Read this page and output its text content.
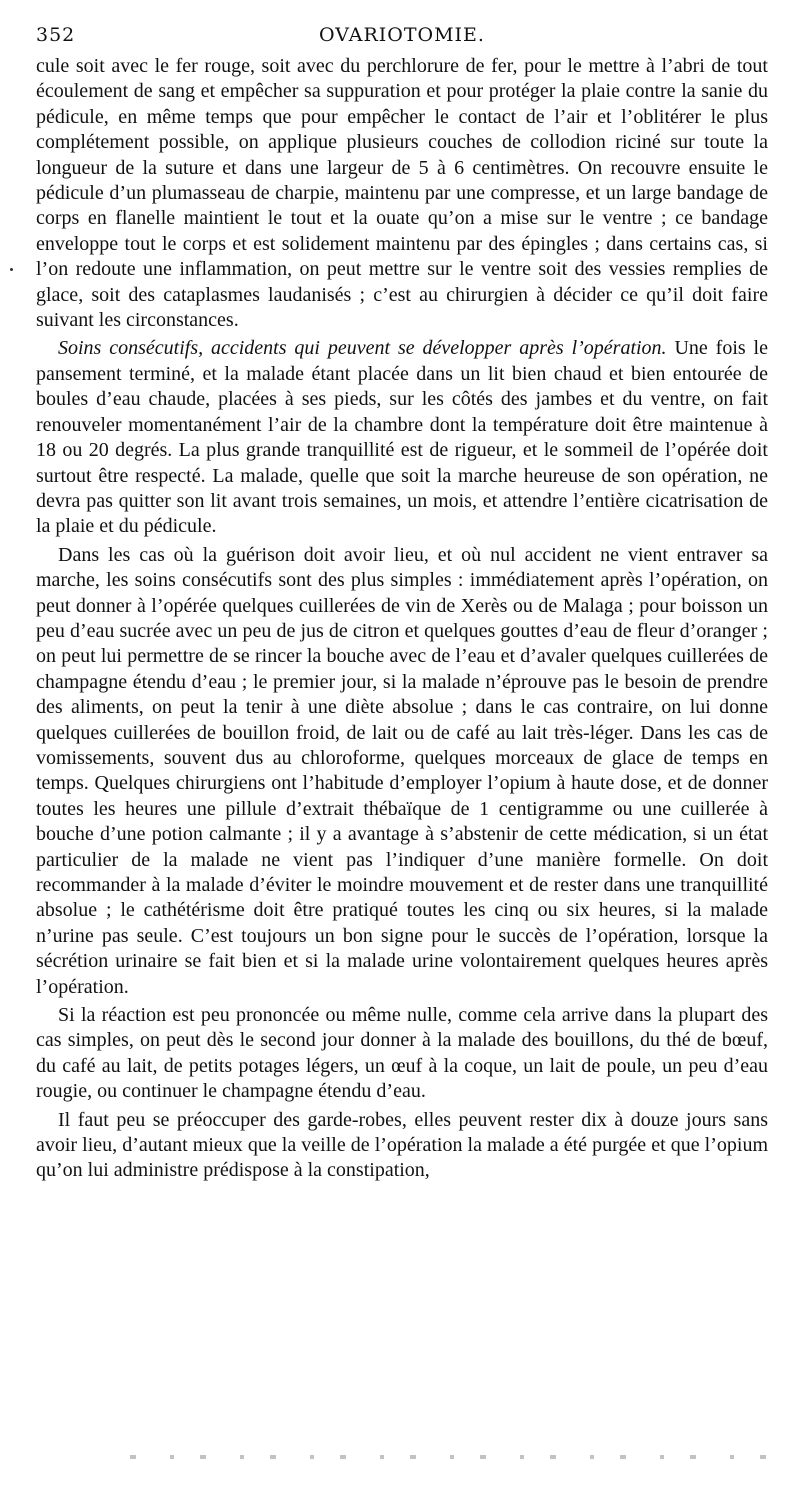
352	OVARIOTOMIE.

cule soit avec le fer rouge, soit avec du perchlorure de fer, pour le mettre à l’abri de tout écoulement de sang et empêcher sa suppuration et pour protéger la plaie contre la sanie du pédicule, en même temps que pour empêcher le contact de l’air et l’oblitérer le plus complétement possible, on applique plusieurs couches de collodion riciné sur toute la longueur de la suture et dans une largeur de 5 à 6 centimètres. On recouvre ensuite le pédicule d’un plumasseau de charpie, maintenu par une compresse, et un large bandage de corps en flanelle maintient le tout et la ouate qu’on a mise sur le ventre ; ce bandage enveloppe tout le corps et est solidement maintenu par des épingles ; dans certains cas, si l’on redoute une inflammation, on peut mettre sur le ventre soit des vessies remplies de glace, soit des cataplasmes laudanisés ; c’est au chirurgien à décider ce qu’il doit faire suivant les circonstances.

Soins consécutifs, accidents qui peuvent se développer après l’opération. Une fois le pansement terminé, et la malade étant placée dans un lit bien chaud et bien entourée de boules d’eau chaude, placées à ses pieds, sur les côtés des jambes et du ventre, on fait renouveler momentanément l’air de la chambre dont la température doit être maintenue à 18 ou 20 degrés. La plus grande tranquillité est de rigueur, et le sommeil de l’opérée doit surtout être respecté. La malade, quelle que soit la marche heureuse de son opération, ne devra pas quitter son lit avant trois semaines, un mois, et attendre l’entière cicatrisation de la plaie et du pédicule.

Dans les cas où la guérison doit avoir lieu, et où nul accident ne vient entraver sa marche, les soins consécutifs sont des plus simples : immédiatement après l’opération, on peut donner à l’opérée quelques cuillerées de vin de Xerès ou de Malaga ; pour boisson un peu d’eau sucrée avec un peu de jus de citron et quelques gouttes d’eau de fleur d’oranger ; on peut lui permettre de se rincer la bouche avec de l’eau et d’avaler quelques cuillerées de champagne étendu d’eau ; le premier jour, si la malade n’éprouve pas le besoin de prendre des aliments, on peut la tenir à une diète absolue ; dans le cas contraire, on lui donne quelques cuillerées de bouillon froid, de lait ou de café au lait très-léger. Dans les cas de vomissements, souvent dus au chloroforme, quelques morceaux de glace de temps en temps. Quelques chirurgiens ont l’habitude d’employer l’opium à haute dose, et de donner toutes les heures une pillule d’extrait thébaïque de 1 centigramme ou une cuillerée à bouche d’une potion calmante ; il y a avantage à s’abstenir de cette médication, si un état particulier de la malade ne vient pas l’indiquer d’une manière formelle. On doit recommander à la malade d’éviter le moindre mouvement et de rester dans une tranquillité absolue ; le cathétérisme doit être pratiqué toutes les cinq ou six heures, si la malade n’urine pas seule. C’est toujours un bon signe pour le succès de l’opération, lorsque la sécrétion urinaire se fait bien et si la malade urine volontairement quelques heures après l’opération.

Si la réaction est peu prononcée ou même nulle, comme cela arrive dans la plupart des cas simples, on peut dès le second jour donner à la malade des bouillons, du thé de bœuf, du café au lait, de petits potages légers, un œuf à la coque, un lait de poule, un peu d’eau rougie, ou continuer le champagne étendu d’eau.

Il faut peu se préoccuper des garde-robes, elles peuvent rester dix à douze jours sans avoir lieu, d’autant mieux que la veille de l’opération la malade a été purgée et que l’opium qu’on lui administre prédispose à la constipation,
